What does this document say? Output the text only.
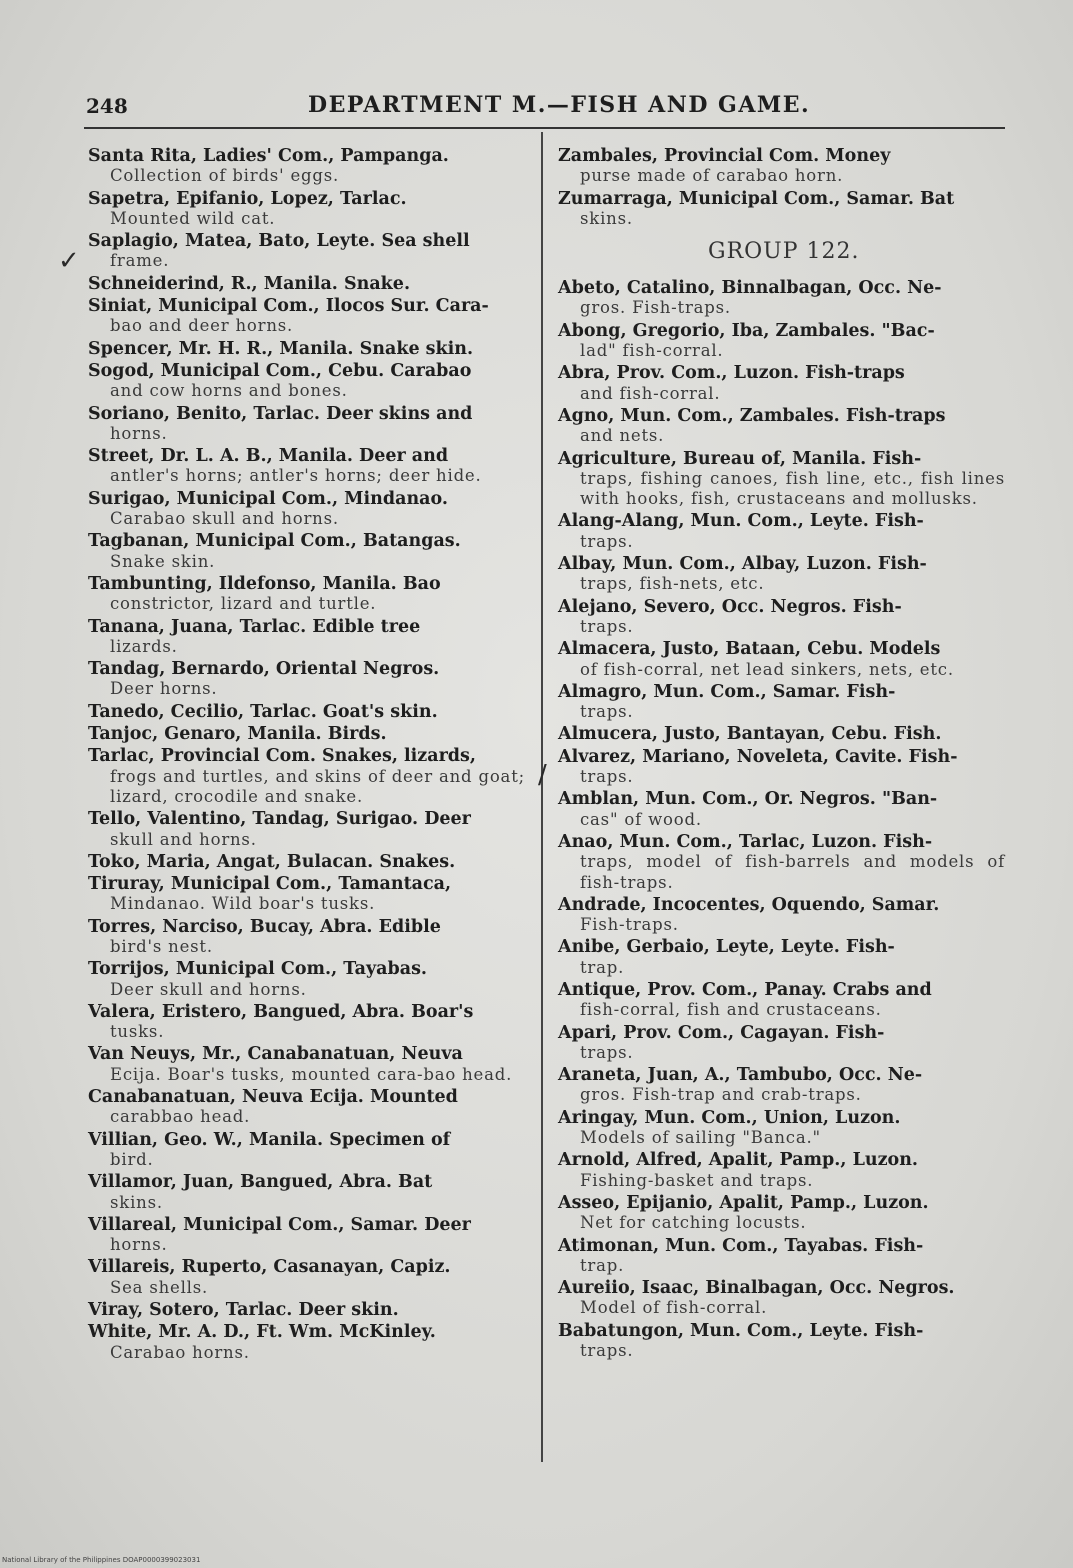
248	DEPARTMENT M.—FISH AND GAME.
Santa Rita, Ladies' Com., Pampanga.
Collection of birds' eggs.
Sapetra, Epifanio, Lopez, Tarlac.
Mounted wild cat.
Saplagio, Matea, Bato, Leyte. Sea shell
frame.
Schneiderind, R., Manila. Snake.
Siniat, Municipal Com., Ilocos Sur. Cara-
bao and deer horns.
Spencer, Mr. H. R., Manila. Snake skin.
Sogod, Municipal Com., Cebu. Carabao
and cow horns and bones.
Soriano, Benito, Tarlac. Deer skins and
horns.
Street, Dr. L. A. B., Manila. Deer and
antler's horns; antler's horns; deer hide.
Surigao, Municipal Com., Mindanao.
Carabao skull and horns.
Tagbanan, Municipal Com., Batangas.
Snake skin.
Tambunting, Ildefonso, Manila. Bao
constrictor, lizard and turtle.
Tanana, Juana, Tarlac. Edible tree
lizards.
Tandag, Bernardo, Oriental Negros.
Deer horns.
Tanedo, Cecilio, Tarlac. Goat's skin.
Tanjoc, Genaro, Manila. Birds.
Tarlac, Provincial Com. Snakes, lizards,
frogs and turtles, and skins of deer and goat; lizard, crocodile and snake.
Tello, Valentino, Tandag, Surigao. Deer
skull and horns.
Toko, Maria, Angat, Bulacan. Snakes.
Tiruray, Municipal Com., Tamantaca,
Mindanao. Wild boar's tusks.
Torres, Narciso, Bucay, Abra. Edible
bird's nest.
Torrijos, Municipal Com., Tayabas.
Deer skull and horns.
Valera, Eristero, Bangued, Abra. Boar's
tusks.
Van Neuys, Mr., Canabanatuan, Neuva
Ecija. Boar's tusks, mounted cara-bao head.
Canabanatuan, Neuva Ecija. Mounted
carabbao head.
Villian, Geo. W., Manila. Specimen of
bird.
Villamor, Juan, Bangued, Abra. Bat
skins.
Villareal, Municipal Com., Samar. Deer
horns.
Villareis, Ruperto, Casanayan, Capiz.
Sea shells.
Viray, Sotero, Tarlac. Deer skin.
White, Mr. A. D., Ft. Wm. McKinley.
Carabao horns.
Zambales, Provincial Com. Money
purse made of carabao horn.
Zumarraga, Municipal Com., Samar. Bat
skins.
GROUP 122.
Abeto, Catalino, Binnalbagan, Occ. Ne-
gros. Fish-traps.
Abong, Gregorio, Iba, Zambales. "Bac-
lad" fish-corral.
Abra, Prov. Com., Luzon. Fish-traps
and fish-corral.
Agno, Mun. Com., Zambales. Fish-traps
and nets.
Agriculture, Bureau of, Manila. Fish-
traps, fishing canoes, fish line, etc., fish lines with hooks, fish, crustaceans and mollusks.
Alang-Alang, Mun. Com., Leyte. Fish-
traps.
Albay, Mun. Com., Albay, Luzon. Fish-
traps, fish-nets, etc.
Alejano, Severo, Occ. Negros. Fish-
traps.
Almacera, Justo, Bataan, Cebu. Models
of fish-corral, net lead sinkers, nets, etc.
Almagro, Mun. Com., Samar. Fish-
traps.
Almucera, Justo, Bantayan, Cebu. Fish.
Alvarez, Mariano, Noveleta, Cavite. Fish-
traps.
Amblan, Mun. Com., Or. Negros. "Ban-
cas" of wood.
Anao, Mun. Com., Tarlac, Luzon. Fish-
traps, model of fish-barrels and models of fish-traps.
Andrade, Incocentes, Oquendo, Samar.
Fish-traps.
Anibe, Gerbaio, Leyte, Leyte. Fish-
trap.
Antique, Prov. Com., Panay. Crabs and
fish-corral, fish and crustaceans.
Apari, Prov. Com., Cagayan. Fish-
traps.
Araneta, Juan, A., Tambubo, Occ. Ne-
gros. Fish-trap and crab-traps.
Aringay, Mun. Com., Union, Luzon.
Models of sailing "Banca."
Arnold, Alfred, Apalit, Pamp., Luzon.
Fishing-basket and traps.
Asseo, Epijanio, Apalit, Pamp., Luzon.
Net for catching locusts.
Atimonan, Mun. Com., Tayabas. Fish-
trap.
Aureiio, Isaac, Binalbagan, Occ. Negros.
Model of fish-corral.
Babatungon, Mun. Com., Leyte. Fish-
traps.
✓
/
National Library of the Philippines DOAP0000399023031
